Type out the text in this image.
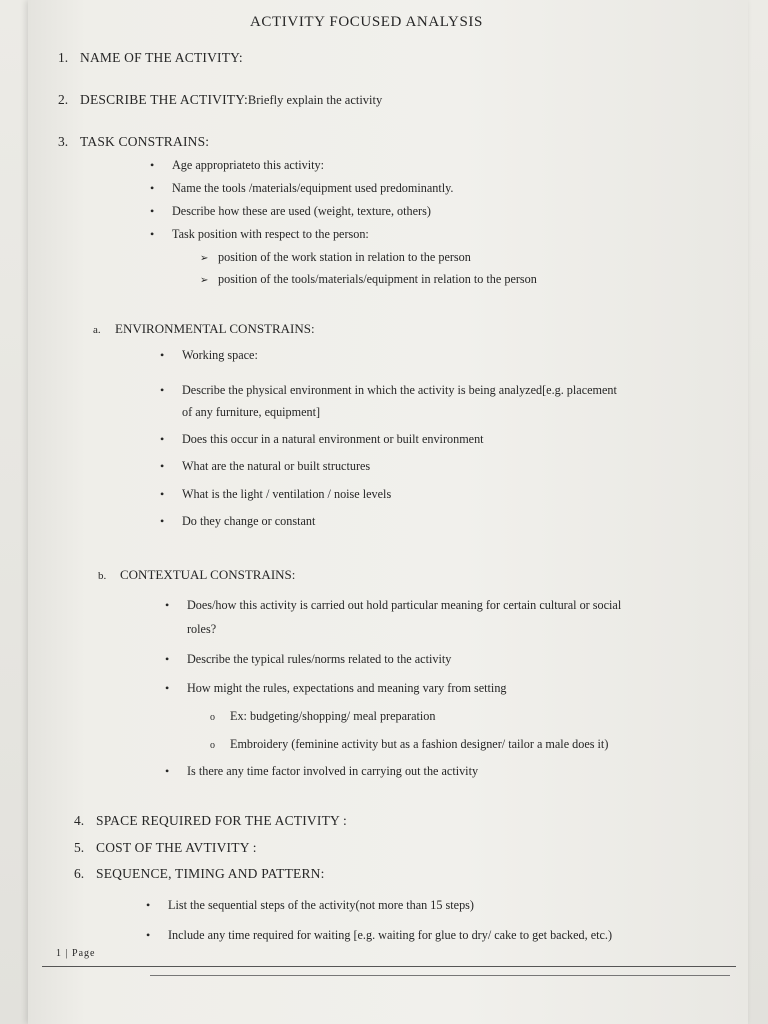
ACTIVITY FOCUSED ANALYSIS
1. NAME OF THE ACTIVITY:
2. DESCRIBE THE ACTIVITY:Briefly explain the activity
3. TASK CONSTRAINS:
• Age appropriateto this activity:
• Name the tools /materials/equipment used predominantly.
• Describe how these are used (weight, texture, others)
• Task position with respect to the person:
➢ position of the work station in relation to the person
➢ position of the tools/materials/equipment in relation to the person
a. ENVIRONMENTAL CONSTRAINS:
• Working space:
• Describe the physical environment in which the activity is being analyzed[e.g. placement
of any furniture, equipment]
• Does this occur in a natural environment or built environment
• What are the natural or built structures
• What is the light / ventilation / noise levels
• Do they change or constant
b. CONTEXTUAL CONSTRAINS:
• Does/how this activity is carried out hold particular meaning for certain cultural or social
roles?
• Describe the typical rules/norms related to the activity
• How might the rules, expectations and meaning vary from setting
o Ex: budgeting/shopping/ meal preparation
o Embroidery (feminine activity but as a fashion designer/ tailor a male does it)
• Is there any time factor involved in carrying out the activity
4. SPACE REQUIRED FOR THE ACTIVITY :
5. COST OF THE AVTIVITY :
6. SEQUENCE, TIMING AND PATTERN:
• List the sequential steps of the activity(not more than 15 steps)
• Include any time required for waiting [e.g. waiting for glue to dry/ cake to get backed, etc.)
1 | Page
